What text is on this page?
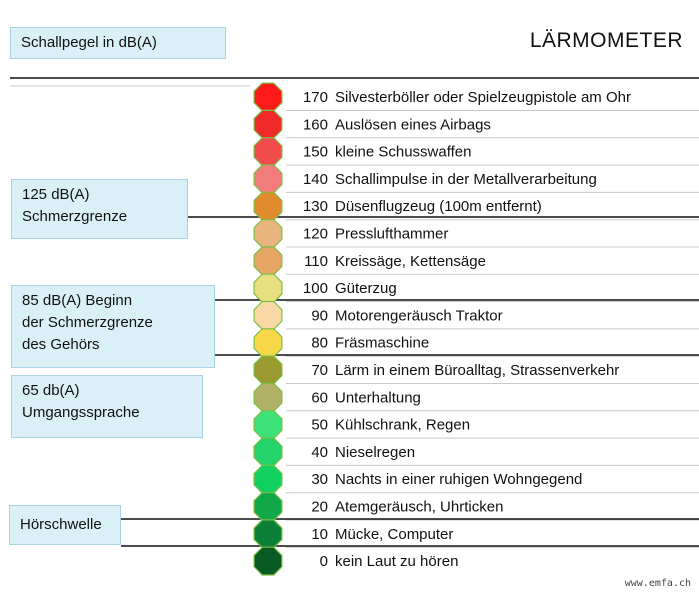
Schallpegel in dB(A)	LÄRMOMETER
170 Silvesterböller oder Spielzeugpistole am Ohr
160 Auslösen eines Airbags
150 kleine Schusswaffen
140 Schallimpulse in der Metallverarbeitung
130 Düsenflugzeug (100m entfernt)
120 Presslufthammer
110 Kreissäge, Kettensäge
100 Güterzug
90 Motorengeräusch Traktor
80 Fräsmaschine
70 Lärm in einem Büroalltag, Strassenverkehr
60 Unterhaltung
50 Kühlschrank, Regen
40 Nieselregen
30 Nachts in einer ruhigen Wohngegend
20 Atemgeräusch, Uhrticken
10 Mücke, Computer
0 kein Laut zu hören
125 dB(A)
Schmerzgrenze
85 dB(A) Beginn
der Schmerzgrenze
des Gehörs
65 db(A)
Umgangssprache
Hörschwelle
www.emfa.ch
